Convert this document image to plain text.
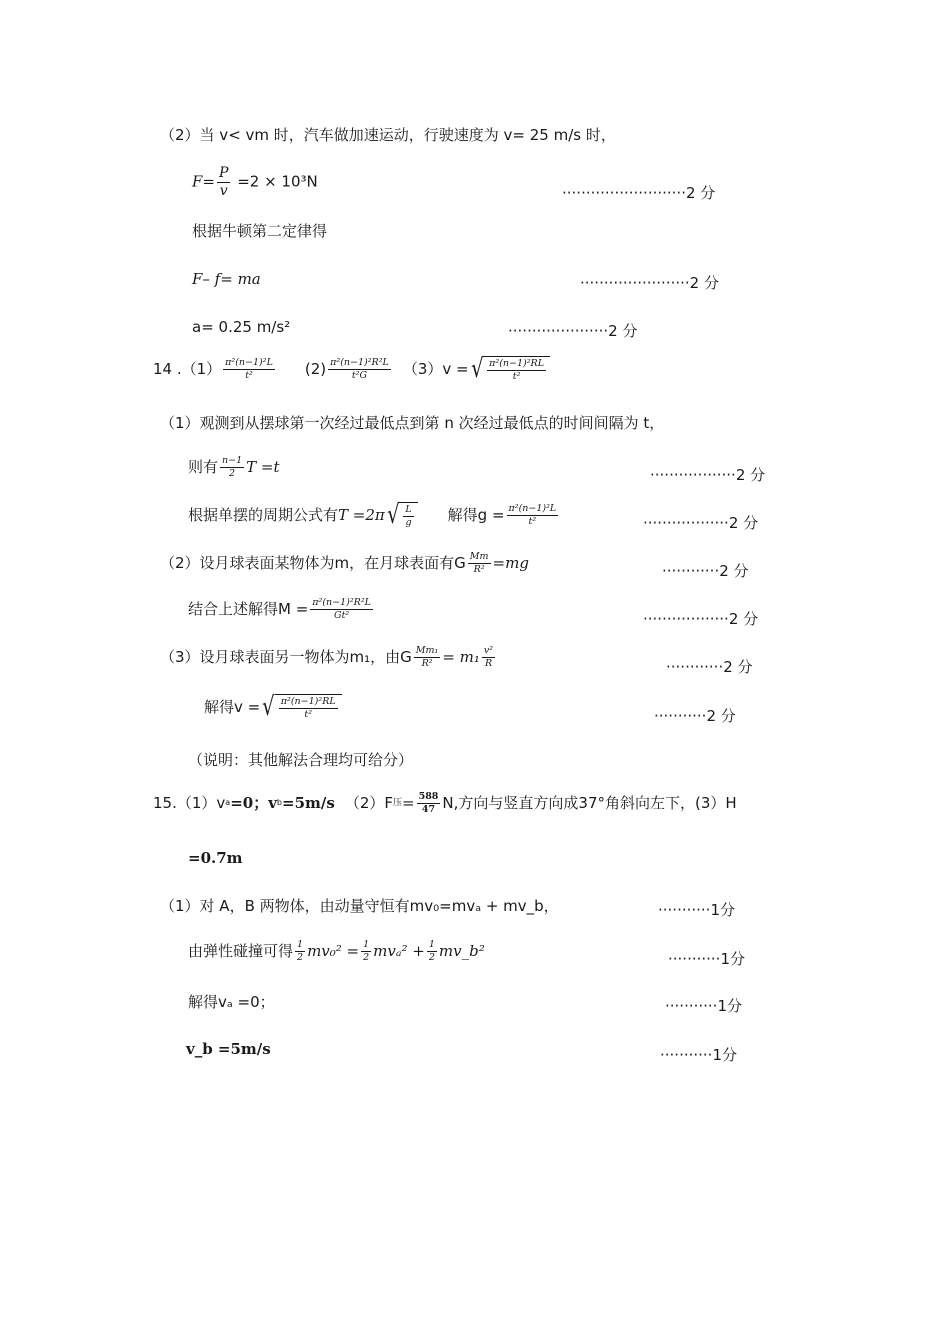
（2）当 v< vm 时，汽车做加速运动，行驶速度为 v= 25 m/s 时，
$F= \frac{P}{v} =2 \times 10^3N$
··························2 分
根据牛顿第二定律得
F– f= ma	·······················2 分
a= 0.25 m/s²	·····················2 分
14 $.(1) \frac{\text{π²(n−1)²L}}{\text{t²}} (2) \frac{\text{π²(n−1)²R²L}}{\text{t²G}} (3)v$ = √ $\frac{\text{π²(n−1)²RL}}{\text{t²}}$
（1）观测到从摆球第一次经过最低点到第 n 次经过最低点的时间间隔为 t，
则有 $\frac{n-1}{2}$ T =t	··················2 分
根据单摆的周期公式有 T =2π √ $\frac{L}{g}$ 解得$g = \frac{\text{π²(n−1)²L}}{\text{t²}}$	··················2 分
（2）设月球表面某物体为m，在月球表面有G $\frac{Mm}{\text{R²}} =mg$	············2 分
结合上述解得$M = \frac{\text{π²(n−1)²R²L}}{\text{Gt²}}$	··················2 分
（3）设月球表面另一物体为m₁，由G $\frac{\text{Mm₁}}{\text{R²}} = m_1 \frac{\text{v²}}{R}$	············2 分
解得v = √ $\frac{\text{π²(n−1)²RL}}{\text{t²}}$	···········2 分
（说明：其他解法合理均可给分）
15.（1）v a =0；v b =5m/s （2）F 压 = $\frac{588}{47} N$,方向与竖直方向成37°角斜向左下，(3）H
=0.7m
（1）对 A，B 两物体，由动量守恒有mv₀=mvₐ + mv_b，	···········1分
由弹性碰撞可得 $\frac{1}{2} mv_0^2 = \frac{1}{2} mv_a^2 + \frac{1}{2}$ mv_b²	···········1分
解得vₐ =0；	···········1分
v_b =5m/s	···········1分
